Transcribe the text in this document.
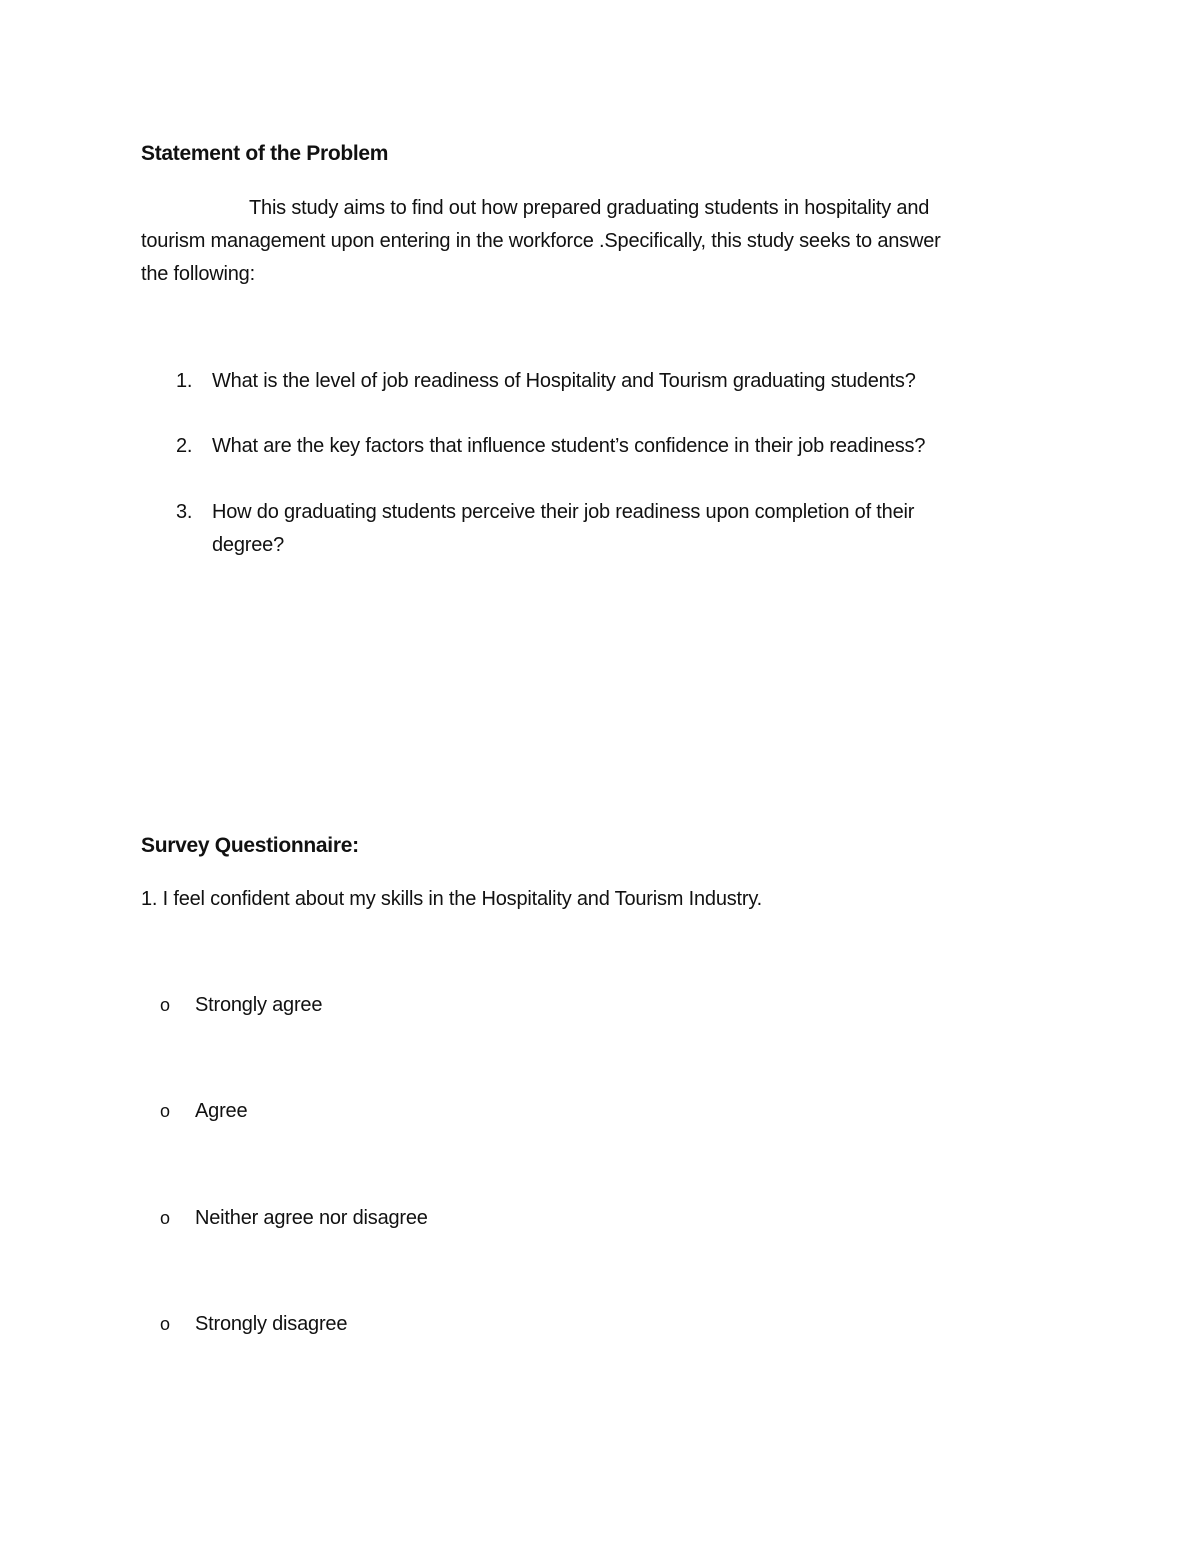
Statement of the Problem
This study aims to find out how prepared graduating students in hospitality and
tourism management upon entering in the workforce .Specifically, this study seeks to answer
the following:
1. What is the level of job readiness of Hospitality and Tourism graduating students?
2. What are the key factors that influence student’s confidence in their job readiness?
3. How do graduating students perceive their job readiness upon completion of their
degree?
Survey Questionnaire:
1. I feel confident about my skills in the Hospitality and Tourism Industry.
o Strongly agree
o Agree
o Neither agree nor disagree
o Strongly disagree
